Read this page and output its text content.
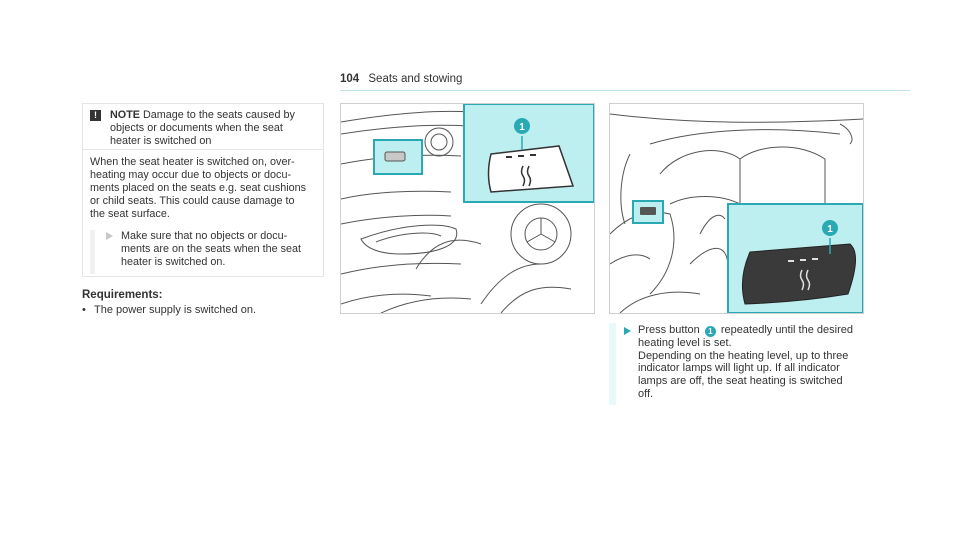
104 Seats and stowing
!	NOTE Damage to the seats caused by
objects or documents when the seat
heater is switched on
When the seat heater is switched on, over-
heating may occur due to objects or docu-
ments placed on the seats e.g. seat cushions
or child seats. This could cause damage to
the seat surface.
Make sure that no objects or docu-
ments are on the seats when the seat
heater is switched on.
Requirements:
• The power supply is switched on.
1
1
Press button 1 repeatedly until the desired
heating level is set.
Depending on the heating level, up to three
indicator lamps will light up. If all indicator
lamps are off, the seat heating is switched
off.
